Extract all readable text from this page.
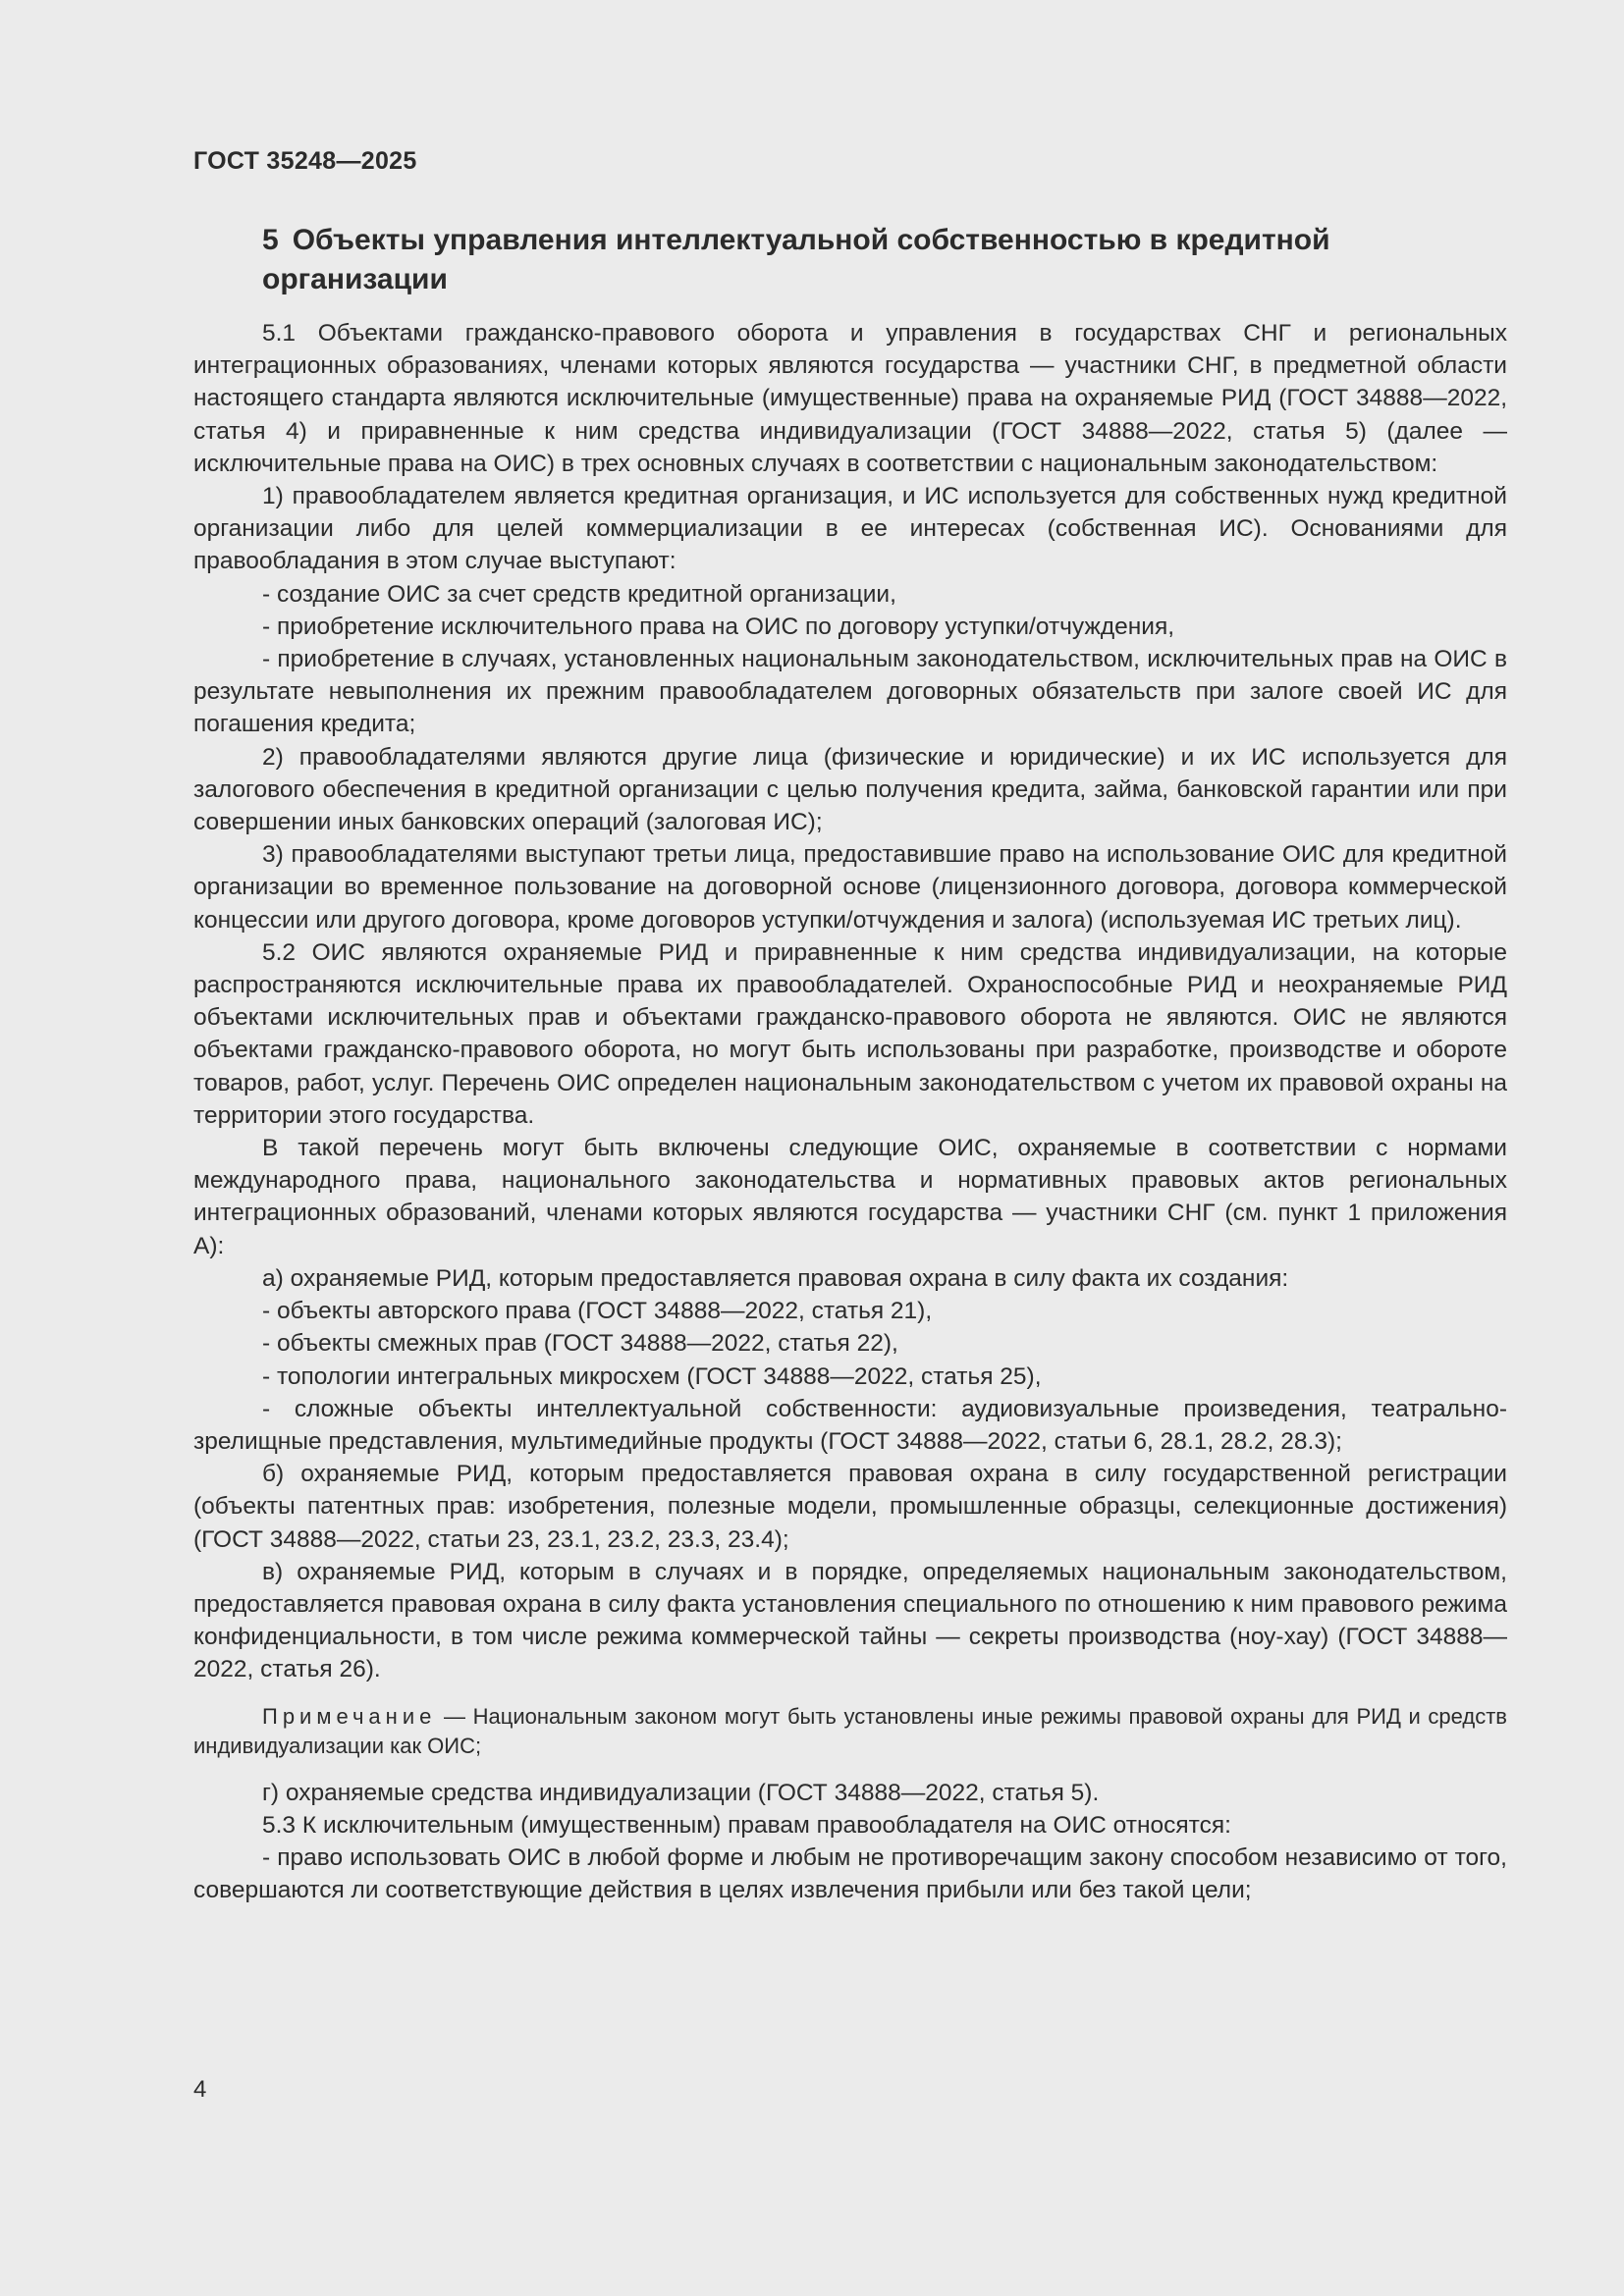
ГОСТ 35248—2025
5 Объекты управления интеллектуальной собственностью в кредитной организации

5.1 Объектами гражданско-правового оборота и управления в государствах СНГ и региональных интеграционных образованиях, членами которых являются государства — участники СНГ, в предметной области настоящего стандарта являются исключительные (имущественные) права на охраняемые РИД (ГОСТ 34888—2022, статья 4) и приравненные к ним средства индивидуализации (ГОСТ 34888—2022, статья 5) (далее — исключительные права на ОИС) в трех основных случаях в соответствии с национальным законодательством:

1) правообладателем является кредитная организация, и ИС используется для собственных нужд кредитной организации либо для целей коммерциализации в ее интересах (собственная ИС). Основаниями для правообладания в этом случае выступают:

- создание ОИС за счет средств кредитной организации,

- приобретение исключительного права на ОИС по договору уступки/отчуждения,

- приобретение в случаях, установленных национальным законодательством, исключительных прав на ОИС в результате невыполнения их прежним правообладателем договорных обязательств при залоге своей ИС для погашения кредита;

2) правообладателями являются другие лица (физические и юридические) и их ИС используется для залогового обеспечения в кредитной организации с целью получения кредита, займа, банковской гарантии или при совершении иных банковских операций (залоговая ИС);

3) правообладателями выступают третьи лица, предоставившие право на использование ОИС для кредитной организации во временное пользование на договорной основе (лицензионного договора, договора коммерческой концессии или другого договора, кроме договоров уступки/отчуждения и залога) (используемая ИС третьих лиц).

5.2 ОИС являются охраняемые РИД и приравненные к ним средства индивидуализации, на которые распространяются исключительные права их правообладателей. Охраноспособные РИД и неохраняемые РИД объектами исключительных прав и объектами гражданско-правового оборота не являются. ОИС не являются объектами гражданско-правового оборота, но могут быть использованы при разработке, производстве и обороте товаров, работ, услуг. Перечень ОИС определен национальным законодательством с учетом их правовой охраны на территории этого государства.

В такой перечень могут быть включены следующие ОИС, охраняемые в соответствии с нормами международного права, национального законодательства и нормативных правовых актов региональных интеграционных образований, членами которых являются государства — участники СНГ (см. пункт 1 приложения А):

а) охраняемые РИД, которым предоставляется правовая охрана в силу факта их создания:

- объекты авторского права (ГОСТ 34888—2022, статья 21),

- объекты смежных прав (ГОСТ 34888—2022, статья 22),

- топологии интегральных микросхем (ГОСТ 34888—2022, статья 25),

- сложные объекты интеллектуальной собственности: аудиовизуальные произведения, театрально-зрелищные представления, мультимедийные продукты (ГОСТ 34888—2022, статьи 6, 28.1, 28.2, 28.3);

б) охраняемые РИД, которым предоставляется правовая охрана в силу государственной регистрации (объекты патентных прав: изобретения, полезные модели, промышленные образцы, селекционные достижения) (ГОСТ 34888—2022, статьи 23, 23.1, 23.2, 23.3, 23.4);

в) охраняемые РИД, которым в случаях и в порядке, определяемых национальным законодательством, предоставляется правовая охрана в силу факта установления специального по отношению к ним правового режима конфиденциальности, в том числе режима коммерческой тайны — секреты производства (ноу-хау) (ГОСТ 34888—2022, статья 26).

Примечание — Национальным законом могут быть установлены иные режимы правовой охраны для РИД и средств индивидуализации как ОИС;

г) охраняемые средства индивидуализации (ГОСТ 34888—2022, статья 5).

5.3 К исключительным (имущественным) правам правообладателя на ОИС относятся:

- право использовать ОИС в любой форме и любым не противоречащим закону способом независимо от того, совершаются ли соответствующие действия в целях извлечения прибыли или без такой цели;

4
